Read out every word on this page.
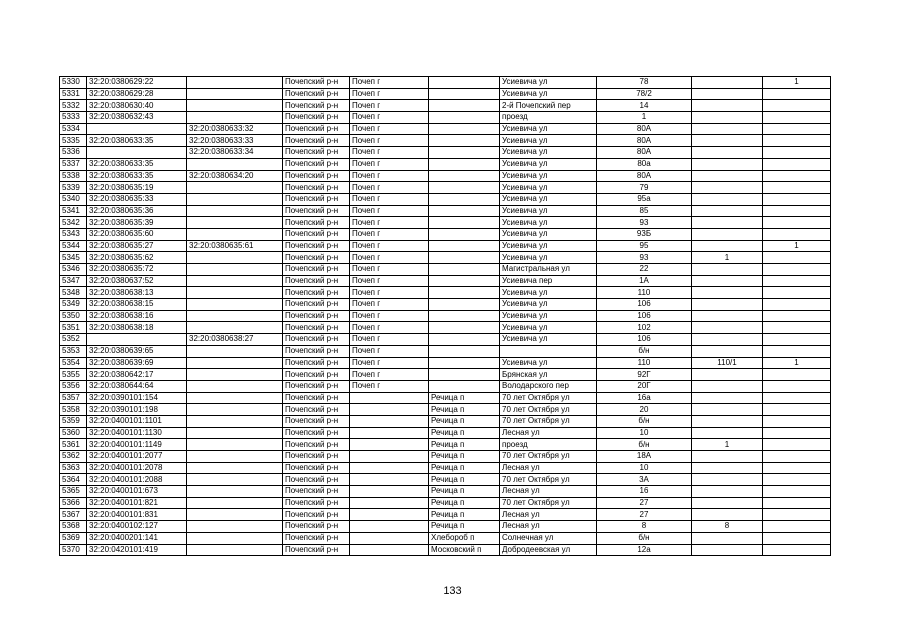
5330	32:20:0380629:22		Почепский р-н	Почеп г		Усиевича ул	78		1
5331	32:20:0380629:28		Почепский р-н	Почеп г		Усиевича ул	78/2		
5332	32:20:0380630:40		Почепский р-н	Почеп г		2-й Почепский пер	14		
5333	32:20:0380632:43		Почепский р-н	Почеп г		проезд	1		
5334		32:20:0380633:32	Почепский р-н	Почеп г		Усиевича ул	80А		
5335	32:20:0380633:35	32:20:0380633:33	Почепский р-н	Почеп г		Усиевича ул	80А		
5336		32:20:0380633:34	Почепский р-н	Почеп г		Усиевича ул	80А		
5337	32:20:0380633:35		Почепский р-н	Почеп г		Усиевича ул	80а		
5338	32:20:0380633:35	32:20:0380634:20	Почепский р-н	Почеп г		Усиевича ул	80А		
5339	32:20:0380635:19		Почепский р-н	Почеп г		Усиевича ул	79		
5340	32:20:0380635:33		Почепский р-н	Почеп г		Усиевича ул	95а		
5341	32:20:0380635:36		Почепский р-н	Почеп г		Усиевича ул	85		
5342	32:20:0380635:39		Почепский р-н	Почеп г		Усиевича ул	93		
5343	32:20:0380635:60		Почепский р-н	Почеп г		Усиевича ул	93Б		
5344	32:20:0380635:27	32:20:0380635:61	Почепский р-н	Почеп г		Усиевича ул	95		1
5345	32:20:0380635:62		Почепский р-н	Почеп г		Усиевича ул	93	1	
5346	32:20:0380635:72		Почепский р-н	Почеп г		Магистральная ул	22		
5347	32:20:0380637:52		Почепский р-н	Почеп г		Усиевича пер	1А		
5348	32:20:0380638:13		Почепский р-н	Почеп г		Усиевича ул	110		
5349	32:20:0380638:15		Почепский р-н	Почеп г		Усиевича ул	106		
5350	32:20:0380638:16		Почепский р-н	Почеп г		Усиевича ул	106		
5351	32:20:0380638:18		Почепский р-н	Почеп г		Усиевича ул	102		
5352		32:20:0380638:27	Почепский р-н	Почеп г		Усиевича ул	106		
5353	32:20:0380639:65		Почепский р-н	Почеп г			б/н		
5354	32:20:0380639:69		Почепский р-н	Почеп г		Усиевича ул	110	110/1	1
5355	32:20:0380642:17		Почепский р-н	Почеп г		Брянская ул	92Г		
5356	32:20:0380644:64		Почепский р-н	Почеп г		Володарского пер	20Г		
5357	32:20:0390101:154		Почепский р-н		Речица п	70 лет Октября ул	16а		
5358	32:20:0390101:198		Почепский р-н		Речица п	70 лет Октября ул	20		
5359	32:20:0400101:1101		Почепский р-н		Речица п	70 лет Октября ул	б/н		
5360	32:20:0400101:1130		Почепский р-н		Речица п	Лесная ул	10		
5361	32:20:0400101:1149		Почепский р-н		Речица п	проезд	б/н	1	
5362	32:20:0400101:2077		Почепский р-н		Речица п	70 лет Октября ул	18А		
5363	32:20:0400101:2078		Почепский р-н		Речица п	Лесная ул	10		
5364	32:20:0400101:2088		Почепский р-н		Речица п	70 лет Октября ул	3А		
5365	32:20:0400101:673		Почепский р-н		Речица п	Лесная ул	16		
5366	32:20:0400101:821		Почепский р-н		Речица п	70 лет Октября ул	27		
5367	32:20:0400101:831		Почепский р-н		Речица п	Лесная ул	27		
5368	32:20:0400102:127		Почепский р-н		Речица п	Лесная ул	8	8	
5369	32:20:0400201:141		Почепский р-н		Хлебороб п	Солнечная ул	б/н		
5370	32:20:0420101:419		Почепский р-н		Московский п	Добродеевская ул	12а		
133
